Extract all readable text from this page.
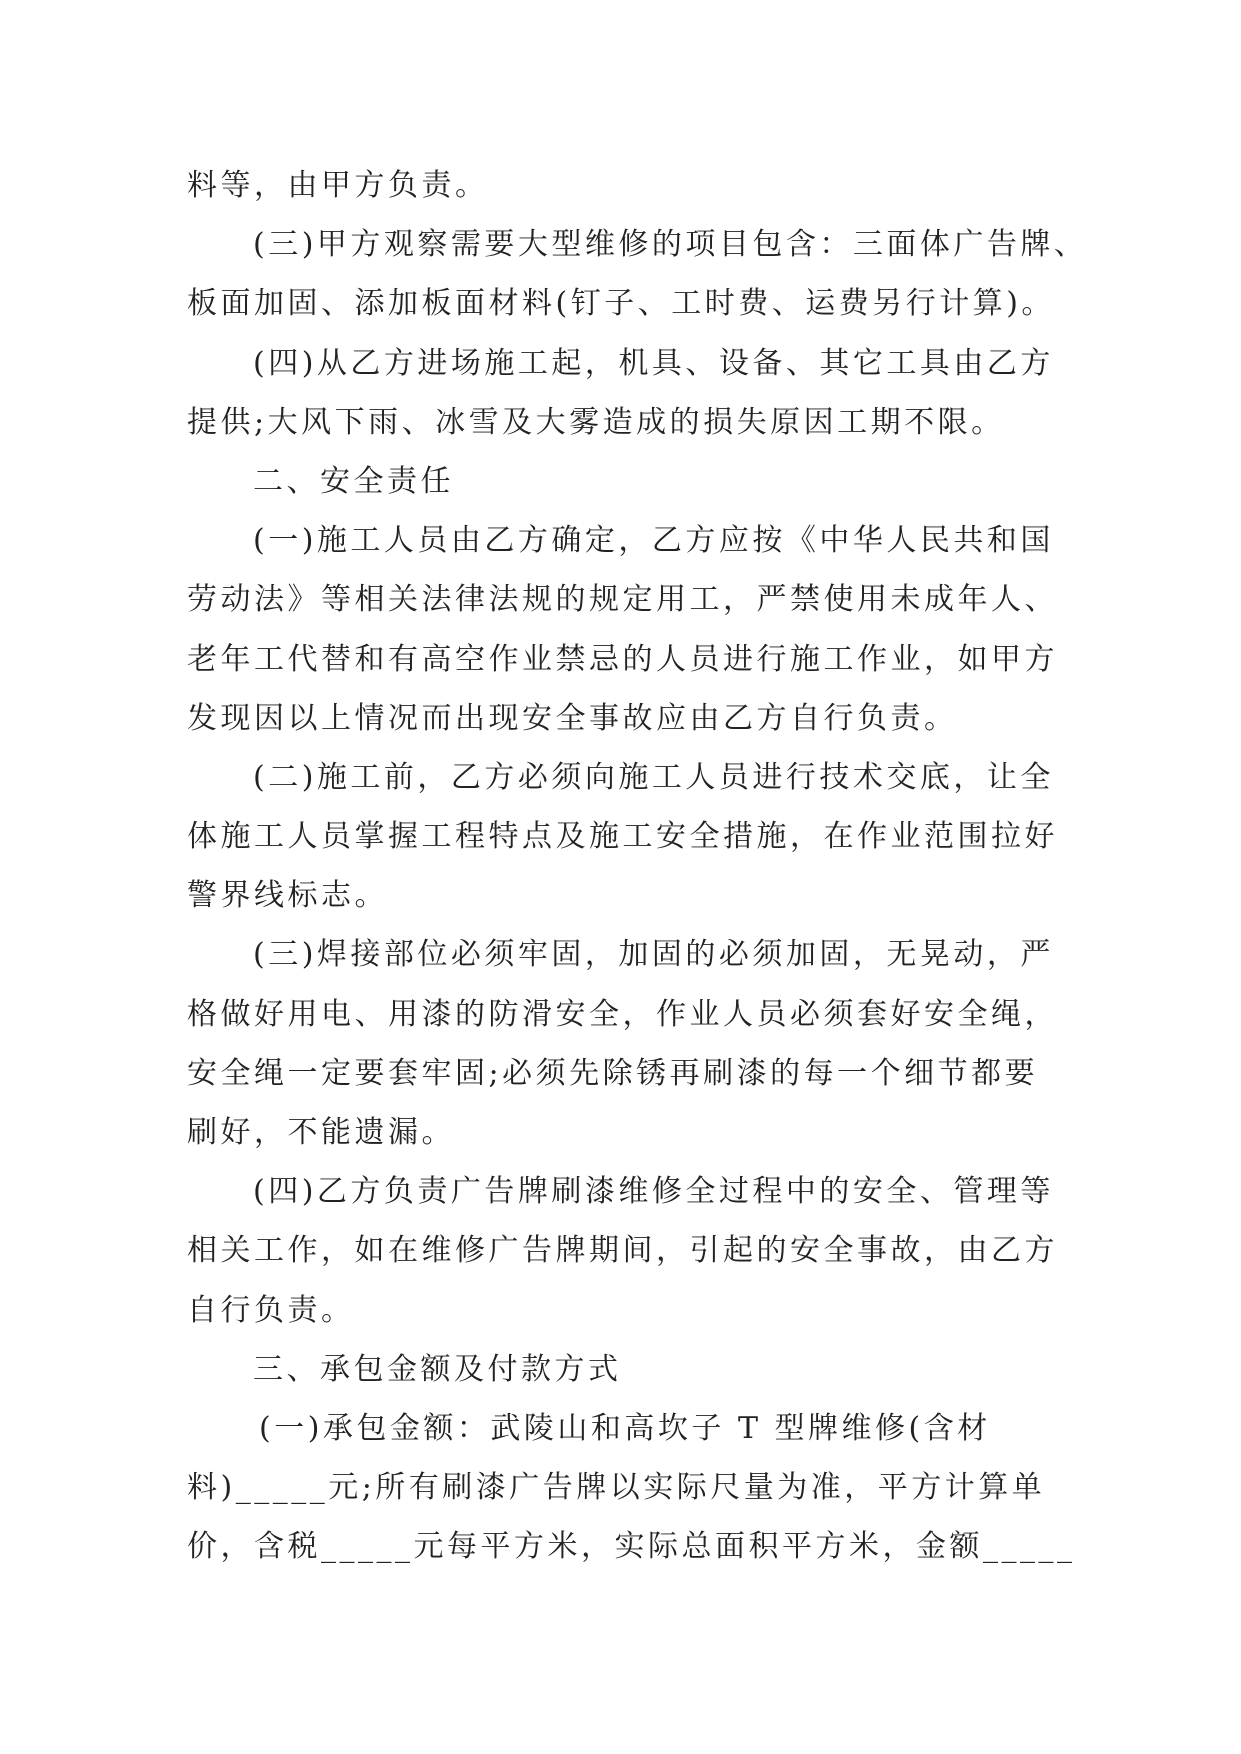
料等，由甲方负责。
(三)甲方观察需要大型维修的项目包含：三面体广告牌、
板面加固、添加板面材料(钉子、工时费、运费另行计算)。
(四)从乙方进场施工起，机具、设备、其它工具由乙方
提供;大风下雨、冰雪及大雾造成的损失原因工期不限。
二、安全责任
(一)施工人员由乙方确定，乙方应按《中华人民共和国
劳动法》等相关法律法规的规定用工，严禁使用未成年人、
老年工代替和有高空作业禁忌的人员进行施工作业，如甲方
发现因以上情况而出现安全事故应由乙方自行负责。
(二)施工前，乙方必须向施工人员进行技术交底，让全
体施工人员掌握工程特点及施工安全措施，在作业范围拉好
警界线标志。
(三)焊接部位必须牢固，加固的必须加固，无晃动，严
格做好用电、用漆的防滑安全，作业人员必须套好安全绳，
安全绳一定要套牢固;必须先除锈再刷漆的每一个细节都要
刷好，不能遗漏。
(四)乙方负责广告牌刷漆维修全过程中的安全、管理等
相关工作，如在维修广告牌期间，引起的安全事故，由乙方
自行负责。
三、承包金额及付款方式
(一)承包金额：武陵山和高坎子 T 型牌维修(含材
料)_____元;所有刷漆广告牌以实际尺量为准，平方计算单
价，含税_____元每平方米，实际总面积平方米，金额_____
